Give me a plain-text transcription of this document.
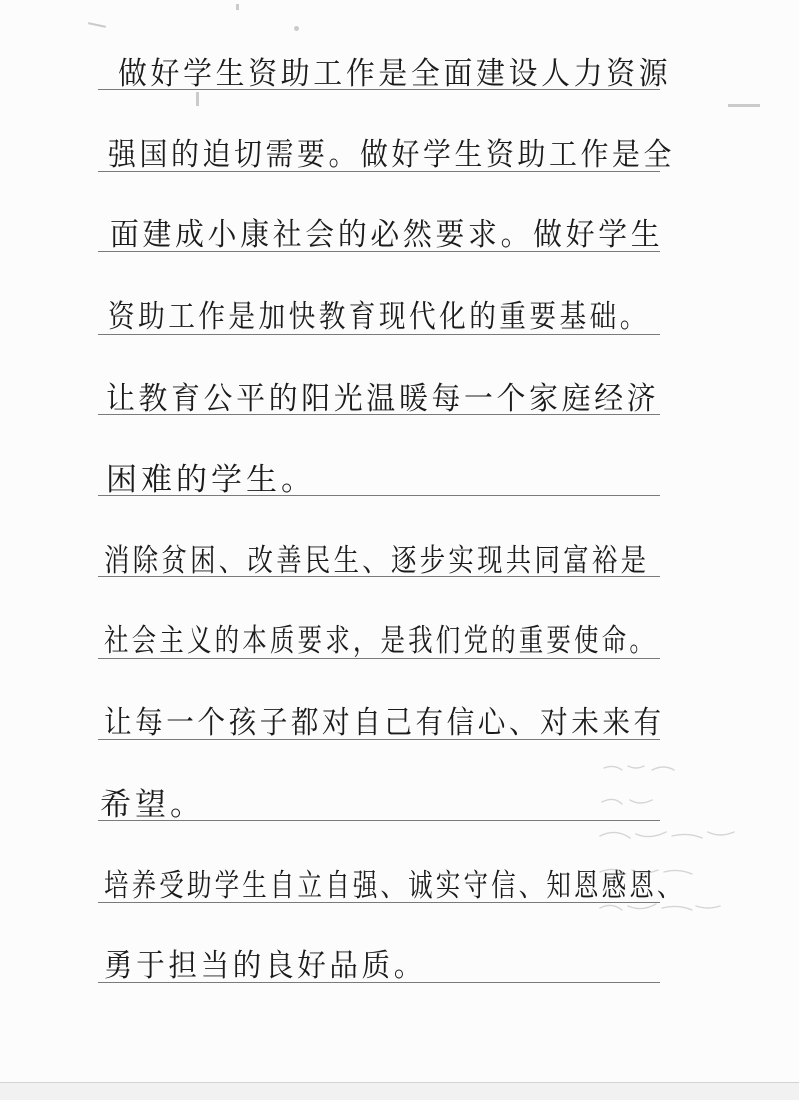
做好学生资助工作是全面建设人力资源
强国的迫切需要。做好学生资助工作是全
面建成小康社会的必然要求。做好学生
资助工作是加快教育现代化的重要基础。
让教育公平的阳光温暖每一个家庭经济
困难的学生。
消除贫困、改善民生、逐步实现共同富裕是
社会主义的本质要求，是我们党的重要使命。
让每一个孩子都对自己有信心、对未来有
希望。
培养受助学生自立自强、诚实守信、知恩感恩、
勇于担当的良好品质。
